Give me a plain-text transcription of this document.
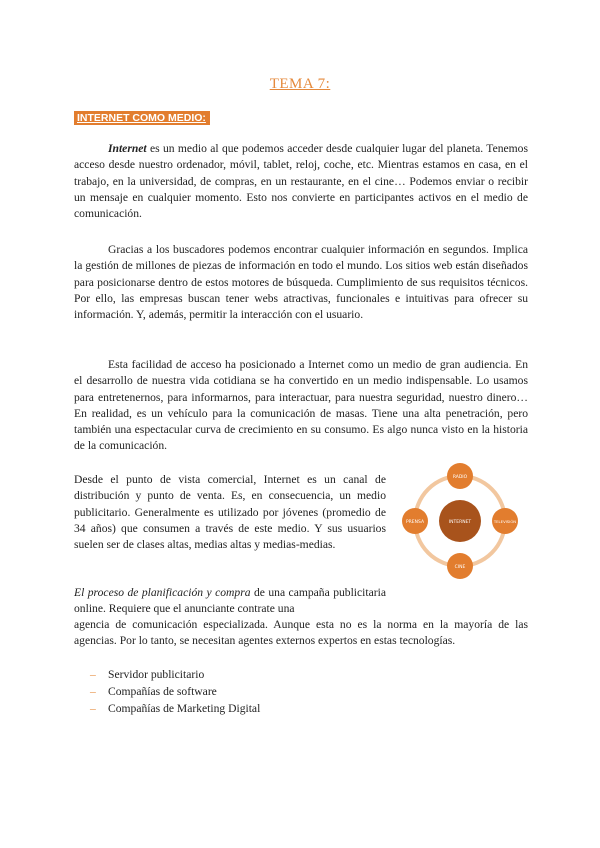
TEMA 7:
INTERNET COMO MEDIO:

Internet es un medio al que podemos acceder desde cualquier lugar del planeta. Tenemos acceso desde nuestro ordenador, móvil, tablet, reloj, coche, etc. Mientras estamos en casa, en el trabajo, en la universidad, de compras, en un restaurante, en el cine… Podemos enviar o recibir un mensaje en cualquier momento. Esto nos convierte en participantes activos en el medio de comunicación.

Gracias a los buscadores podemos encontrar cualquier información en segundos. Implica la gestión de millones de piezas de información en todo el mundo. Los sitios web están diseñados para posicionarse dentro de estos motores de búsqueda. Cumplimiento de sus requisitos técnicos. Por ello, las empresas buscan tener webs atractivas, funcionales e intuitivas para ofrecer su información. Y, además, permitir la interacción con el usuario.

Esta facilidad de acceso ha posicionado a Internet como un medio de gran audiencia. En el desarrollo de nuestra vida cotidiana se ha convertido en un medio indispensable. Lo usamos para entretenernos, para informarnos, para interactuar, para nuestra seguridad, nuestro dinero… En realidad, es un vehículo para la comunicación de masas. Tiene una alta penetración, pero también una espectacular curva de crecimiento en su consumo. Es algo nunca visto en la historia de la comunicación.

Desde el punto de vista comercial, Internet es un canal de distribución y punto de venta. Es, en consecuencia, un medio publicitario. Generalmente es utilizado por jóvenes (promedio de 34 años) que consumen a través de este medio. Y sus usuarios suelen ser de clases altas, medias altas y medias-medias.

INTERNET
RADIO
TELEVISIÓN
CINE
PRENSA

El proceso de planificación y compra de una campaña publicitaria online. Requiere que el anunciante contrate una

agencia de comunicación especializada. Aunque esta no es la norma en la mayoría de las agencias. Por lo tanto, se necesitan agentes externos expertos en estas tecnologías.

– Servidor publicitario
– Compañías de software
– Compañías de Marketing Digital
